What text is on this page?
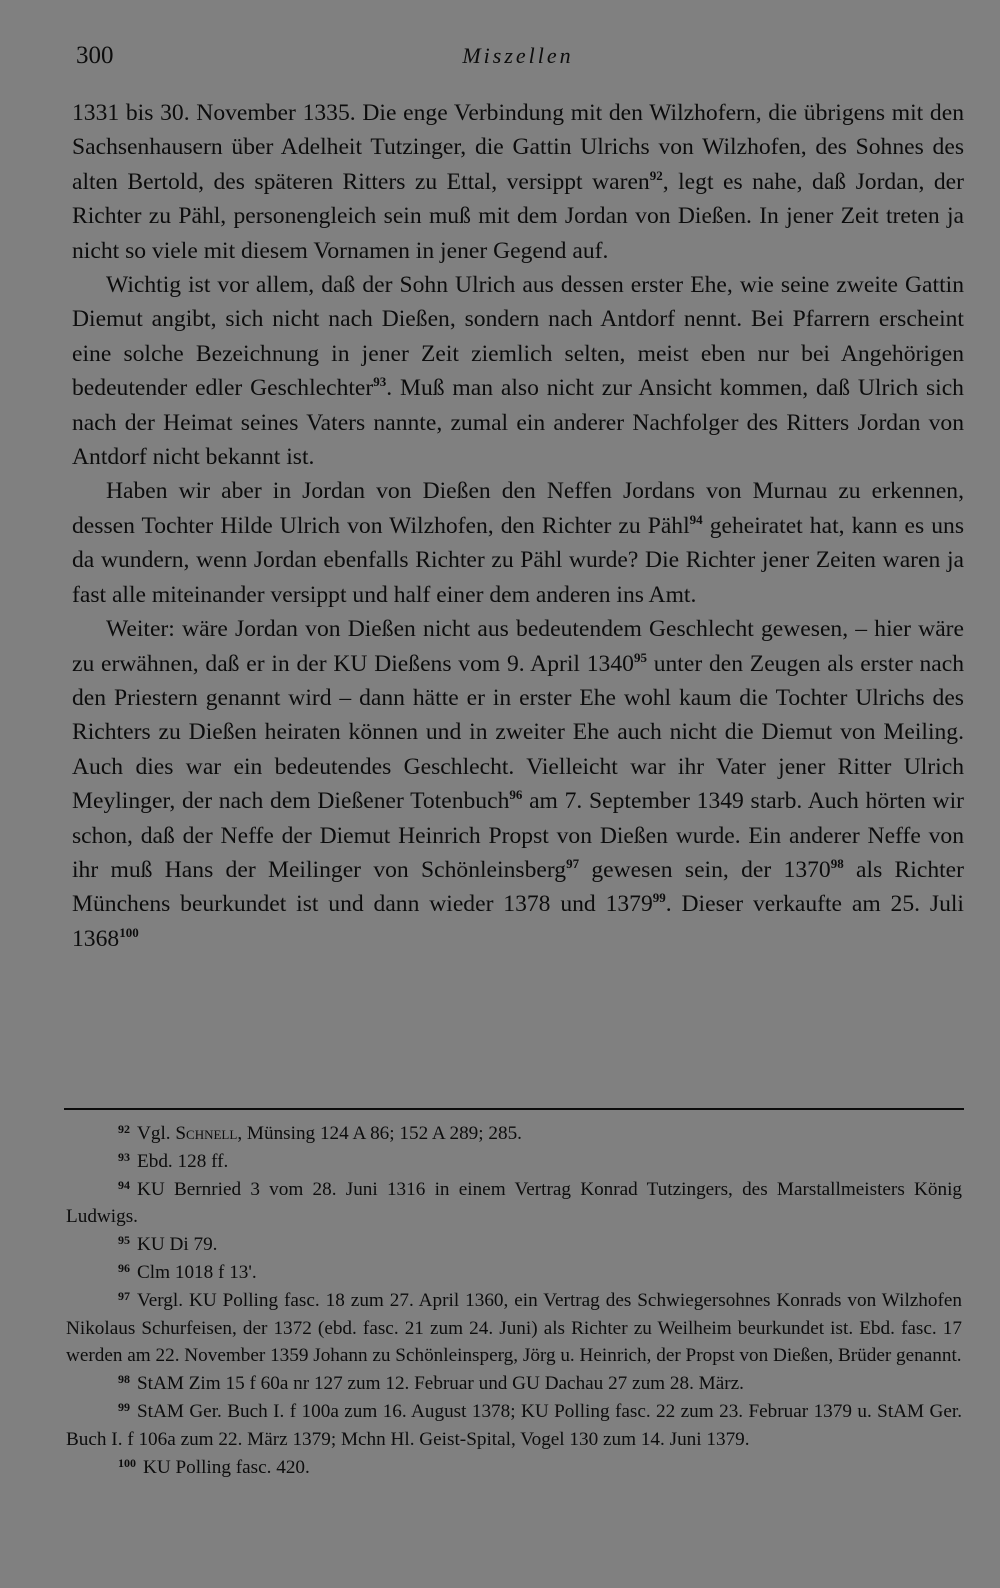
300	Miszellen

1331 bis 30. November 1335. Die enge Verbindung mit den Wilzhofern, die übrigens mit den Sachsenhausern über Adelheit Tutzinger, die Gattin Ulrichs von Wilzhofen, des Sohnes des alten Bertold, des späteren Ritters zu Ettal, versippt waren$^{92}$, legt es nahe, daß Jordan, der Richter zu Pähl, personengleich sein muß mit dem Jordan von Dießen. In jener Zeit treten ja nicht so viele mit diesem Vornamen in jener Gegend auf.

Wichtig ist vor allem, daß der Sohn Ulrich aus dessen erster Ehe, wie seine zweite Gattin Diemut angibt, sich nicht nach Dießen, sondern nach Antdorf nennt. Bei Pfarrern erscheint eine solche Bezeichnung in jener Zeit ziemlich selten, meist eben nur bei Angehörigen bedeutender edler Geschlechter$^{93}$. Muß man also nicht zur Ansicht kommen, daß Ulrich sich nach der Heimat seines Vaters nannte, zumal ein anderer Nachfolger des Ritters Jordan von Antdorf nicht bekannt ist.

Haben wir aber in Jordan von Dießen den Neffen Jordans von Murnau zu erkennen, dessen Tochter Hilde Ulrich von Wilzhofen, den Richter zu Pähl$^{94}$ geheiratet hat, kann es uns da wundern, wenn Jordan ebenfalls Richter zu Pähl wurde? Die Richter jener Zeiten waren ja fast alle miteinander versippt und half einer dem anderen ins Amt.

Weiter: wäre Jordan von Dießen nicht aus bedeutendem Geschlecht gewesen, – hier wäre zu erwähnen, daß er in der KU Dießens vom 9. April 1340$^{95}$ unter den Zeugen als erster nach den Priestern genannt wird – dann hätte er in erster Ehe wohl kaum die Tochter Ulrichs des Richters zu Dießen heiraten können und in zweiter Ehe auch nicht die Diemut von Meiling. Auch dies war ein bedeutendes Geschlecht. Vielleicht war ihr Vater jener Ritter Ulrich Meylinger, der nach dem Dießener Totenbuch$^{96}$ am 7. September 1349 starb. Auch hörten wir schon, daß der Neffe der Diemut Heinrich Propst von Dießen wurde. Ein anderer Neffe von ihr muß Hans der Meilinger von Schönleinsberg$^{97}$ gewesen sein, der 1370$^{98}$ als Richter Münchens beurkundet ist und dann wieder 1378 und 1379$^{99}$. Dieser verkaufte am 25. Juli 1368$^{100}$

92 Vgl. Schnell, Münsing 124 A 86; 152 A 289; 285.

93 Ebd. 128 ff.

94 KU Bernried 3 vom 28. Juni 1316 in einem Vertrag Konrad Tutzingers, des Marstallmeisters König Ludwigs.

95 KU Di 79.

96 Clm 1018 f 13'.

97 Vergl. KU Polling fasc. 18 zum 27. April 1360, ein Vertrag des Schwiegersohnes Konrads von Wilzhofen Nikolaus Schurfeisen, der 1372 (ebd. fasc. 21 zum 24. Juni) als Richter zu Weilheim beurkundet ist. Ebd. fasc. 17 werden am 22. November 1359 Johann zu Schönleinsperg, Jörg u. Heinrich, der Propst von Dießen, Brüder genannt.

98 StAM Zim 15 f 60a nr 127 zum 12. Februar und GU Dachau 27 zum 28. März.

99 StAM Ger. Buch I. f 100a zum 16. August 1378; KU Polling fasc. 22 zum 23. Februar 1379 u. StAM Ger. Buch I. f 106a zum 22. März 1379; Mchn Hl. Geist-Spital, Vogel 130 zum 14. Juni 1379.

100 KU Polling fasc. 420.
